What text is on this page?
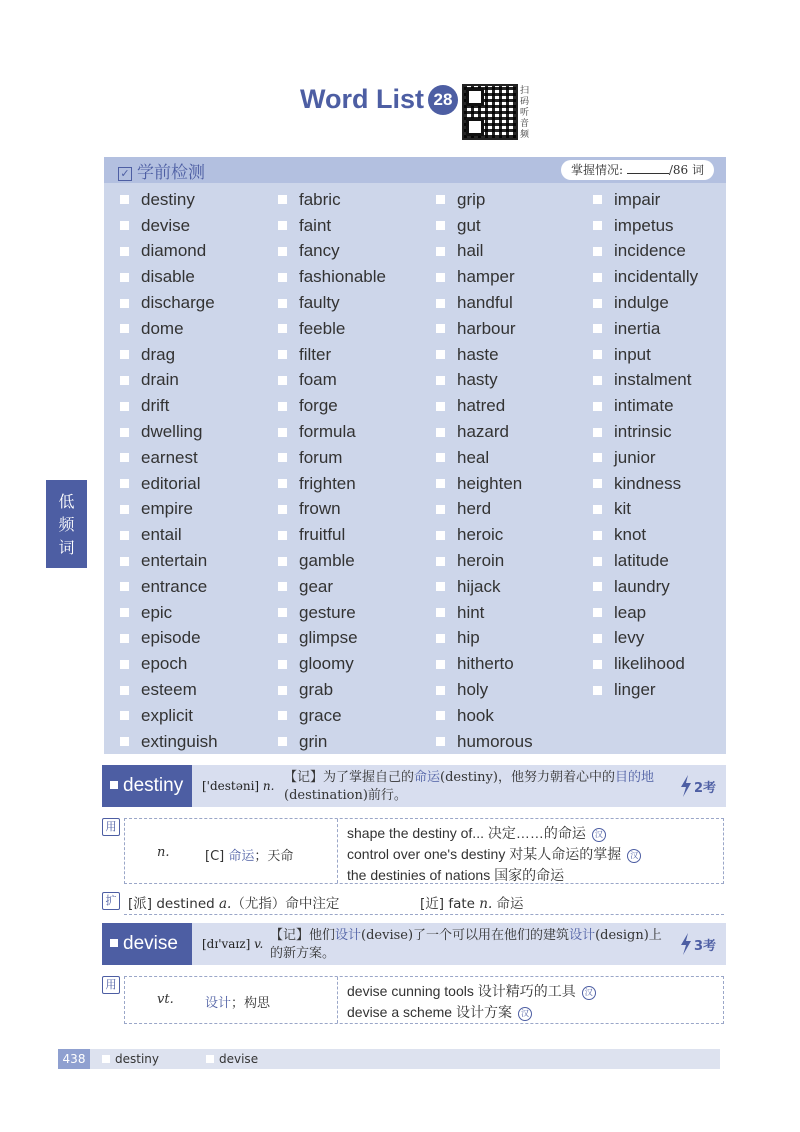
Word List 28	扫码听音频
低
频
词
✓ 学前检测	掌握情况:	/86 词
destiny
devise
diamond
disable
discharge
dome
drag
drain
drift
dwelling
earnest
editorial
empire
entail
entertain
entrance
epic
episode
epoch
esteem
explicit
extinguish
fabric
faint
fancy
fashionable
faulty
feeble
filter
foam
forge
formula
forum
frighten
frown
fruitful
gamble
gear
gesture
glimpse
gloomy
grab
grace
grin
grip
gut
hail
hamper
handful
harbour
haste
hasty
hatred
hazard
heal
heighten
herd
heroic
heroin
hijack
hint
hip
hitherto
holy
hook
humorous
impair
impetus
incidence
incidentally
indulge
inertia
input
instalment
intimate
intrinsic
junior
kindness
kit
knot
latitude
laundry
leap
levy
likelihood
linger
destiny	['destəni] n.
【记】为了掌握自己的命运(destiny)，他努力朝着心中的目的地(destination)前行。	2考
用
n.	[C] 命运；天命
shape the destiny of... 决定……的命运 汉
control over one's destiny 对某人命运的掌握 汉
the destinies of nations 国家的命运
扩 [派] destined a.（尤指）命中注定	[近] fate n. 命运
devise	[dɪ'vaɪz] v.
【记】他们设计(devise)了一个可以用在他们的建筑设计(design)上的新方案。	3考
用
vt. 设计；构思
devise cunning tools 设计精巧的工具 汉
devise a scheme 设计方案 汉
438	destiny	devise
